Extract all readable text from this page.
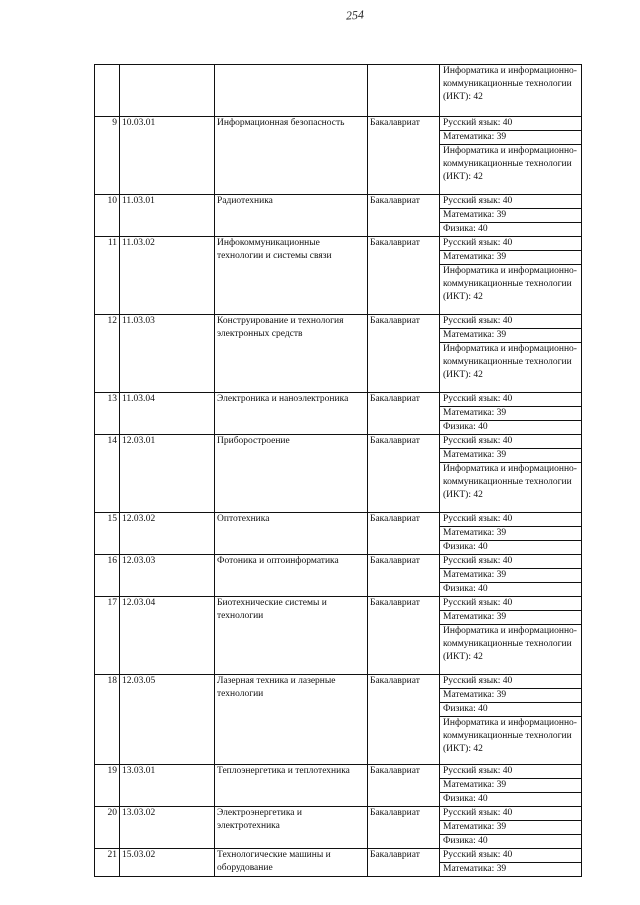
254

				Информатика и информационно-коммуникационные технологии (ИКТ): 42

9	10.03.01	Информационная безопасность	Бакалавриат	Русский язык: 40
Математика: 39
Информатика и информационно-коммуникационные технологии (ИКТ): 42

10	11.03.01	Радиотехника	Бакалавриат	Русский язык: 40
Математика: 39
Физика: 40

11	11.03.02	Инфокоммуникационные технологии и системы связи	Бакалавриат	Русский язык: 40
Математика: 39
Информатика и информационно-коммуникационные технологии (ИКТ): 42

12	11.03.03	Конструирование и технология электронных средств	Бакалавриат	Русский язык: 40
Математика: 39
Информатика и информационно-коммуникационные технологии (ИКТ): 42

13	11.03.04	Электроника и наноэлектроника	Бакалавриат	Русский язык: 40
Математика: 39
Физика: 40

14	12.03.01	Приборостроение	Бакалавриат	Русский язык: 40
Математика: 39
Информатика и информационно-коммуникационные технологии (ИКТ): 42

15	12.03.02	Оптотехника	Бакалавриат	Русский язык: 40
Математика: 39
Физика: 40

16	12.03.03	Фотоника и оптоинформатика	Бакалавриат	Русский язык: 40
Математика: 39
Физика: 40

17	12.03.04	Биотехнические системы и технологии	Бакалавриат	Русский язык: 40
Математика: 39
Информатика и информационно-коммуникационные технологии (ИКТ): 42

18	12.03.05	Лазерная техника и лазерные технологии	Бакалавриат	Русский язык: 40
Математика: 39
Физика: 40
Информатика и информационно-коммуникационные технологии (ИКТ): 42

19	13.03.01	Теплоэнергетика и теплотехника	Бакалавриат	Русский язык: 40
Математика: 39
Физика: 40

20	13.03.02	Электроэнергетика и электротехника	Бакалавриат	Русский язык: 40
Математика: 39
Физика: 40

21	15.03.02	Технологические машины и оборудование	Бакалавриат	Русский язык: 40
Математика: 39
